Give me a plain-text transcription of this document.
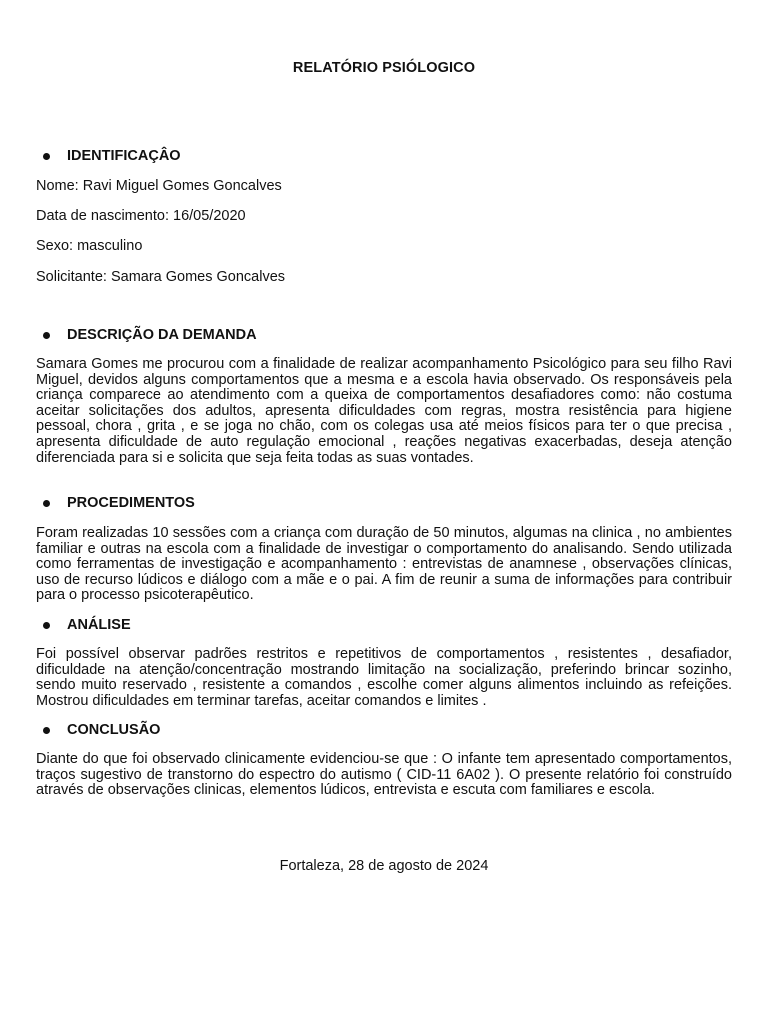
RELATÓRIO PSIÓLOGICO
IDENTIFICAÇÂO
Nome: Ravi Miguel Gomes Goncalves
Data de nascimento: 16/05/2020
Sexo: masculino
Solicitante: Samara Gomes Goncalves
DESCRIÇÃO DA DEMANDA
Samara Gomes me procurou com a finalidade de realizar acompanhamento Psicológico para seu filho Ravi Miguel, devidos alguns comportamentos que a mesma e a escola havia observado. Os responsáveis pela criança comparece ao atendimento com a queixa de comportamentos desafiadores como: não costuma aceitar solicitações dos adultos, apresenta dificuldades com regras, mostra resistência para higiene pessoal, chora , grita , e se joga no chão, com os colegas usa até meios físicos para ter o que precisa , apresenta dificuldade de auto regulação emocional , reações negativas exacerbadas, deseja atenção diferenciada para si e solicita que seja feita todas as suas vontades.
PROCEDIMENTOS
Foram realizadas 10 sessões com a criança com duração de 50 minutos, algumas na clinica , no ambientes familiar e outras na escola com a finalidade de investigar o comportamento do analisando. Sendo utilizada como ferramentas de investigação e acompanhamento : entrevistas de anamnese , observações clínicas, uso de recurso lúdicos e diálogo com a mãe e o pai. A fim de reunir a suma de informações para contribuir para o processo psicoterapêutico.
ANÁLISE
Foi possível observar padrões restritos e repetitivos de comportamentos , resistentes , desafiador, dificuldade na atenção/concentração mostrando limitação na socialização, preferindo brincar sozinho, sendo muito reservado , resistente a comandos , escolhe comer alguns alimentos incluindo as refeições. Mostrou dificuldades em terminar tarefas, aceitar comandos e limites .
CONCLUSÃO
Diante do que foi observado clinicamente evidenciou-se que : O infante tem apresentado comportamentos, traços sugestivo de transtorno do espectro do autismo ( CID-11 6A02 ). O presente relatório foi construído através de observações clinicas, elementos lúdicos, entrevista e escuta com familiares e escola.
Fortaleza, 28 de agosto de 2024
